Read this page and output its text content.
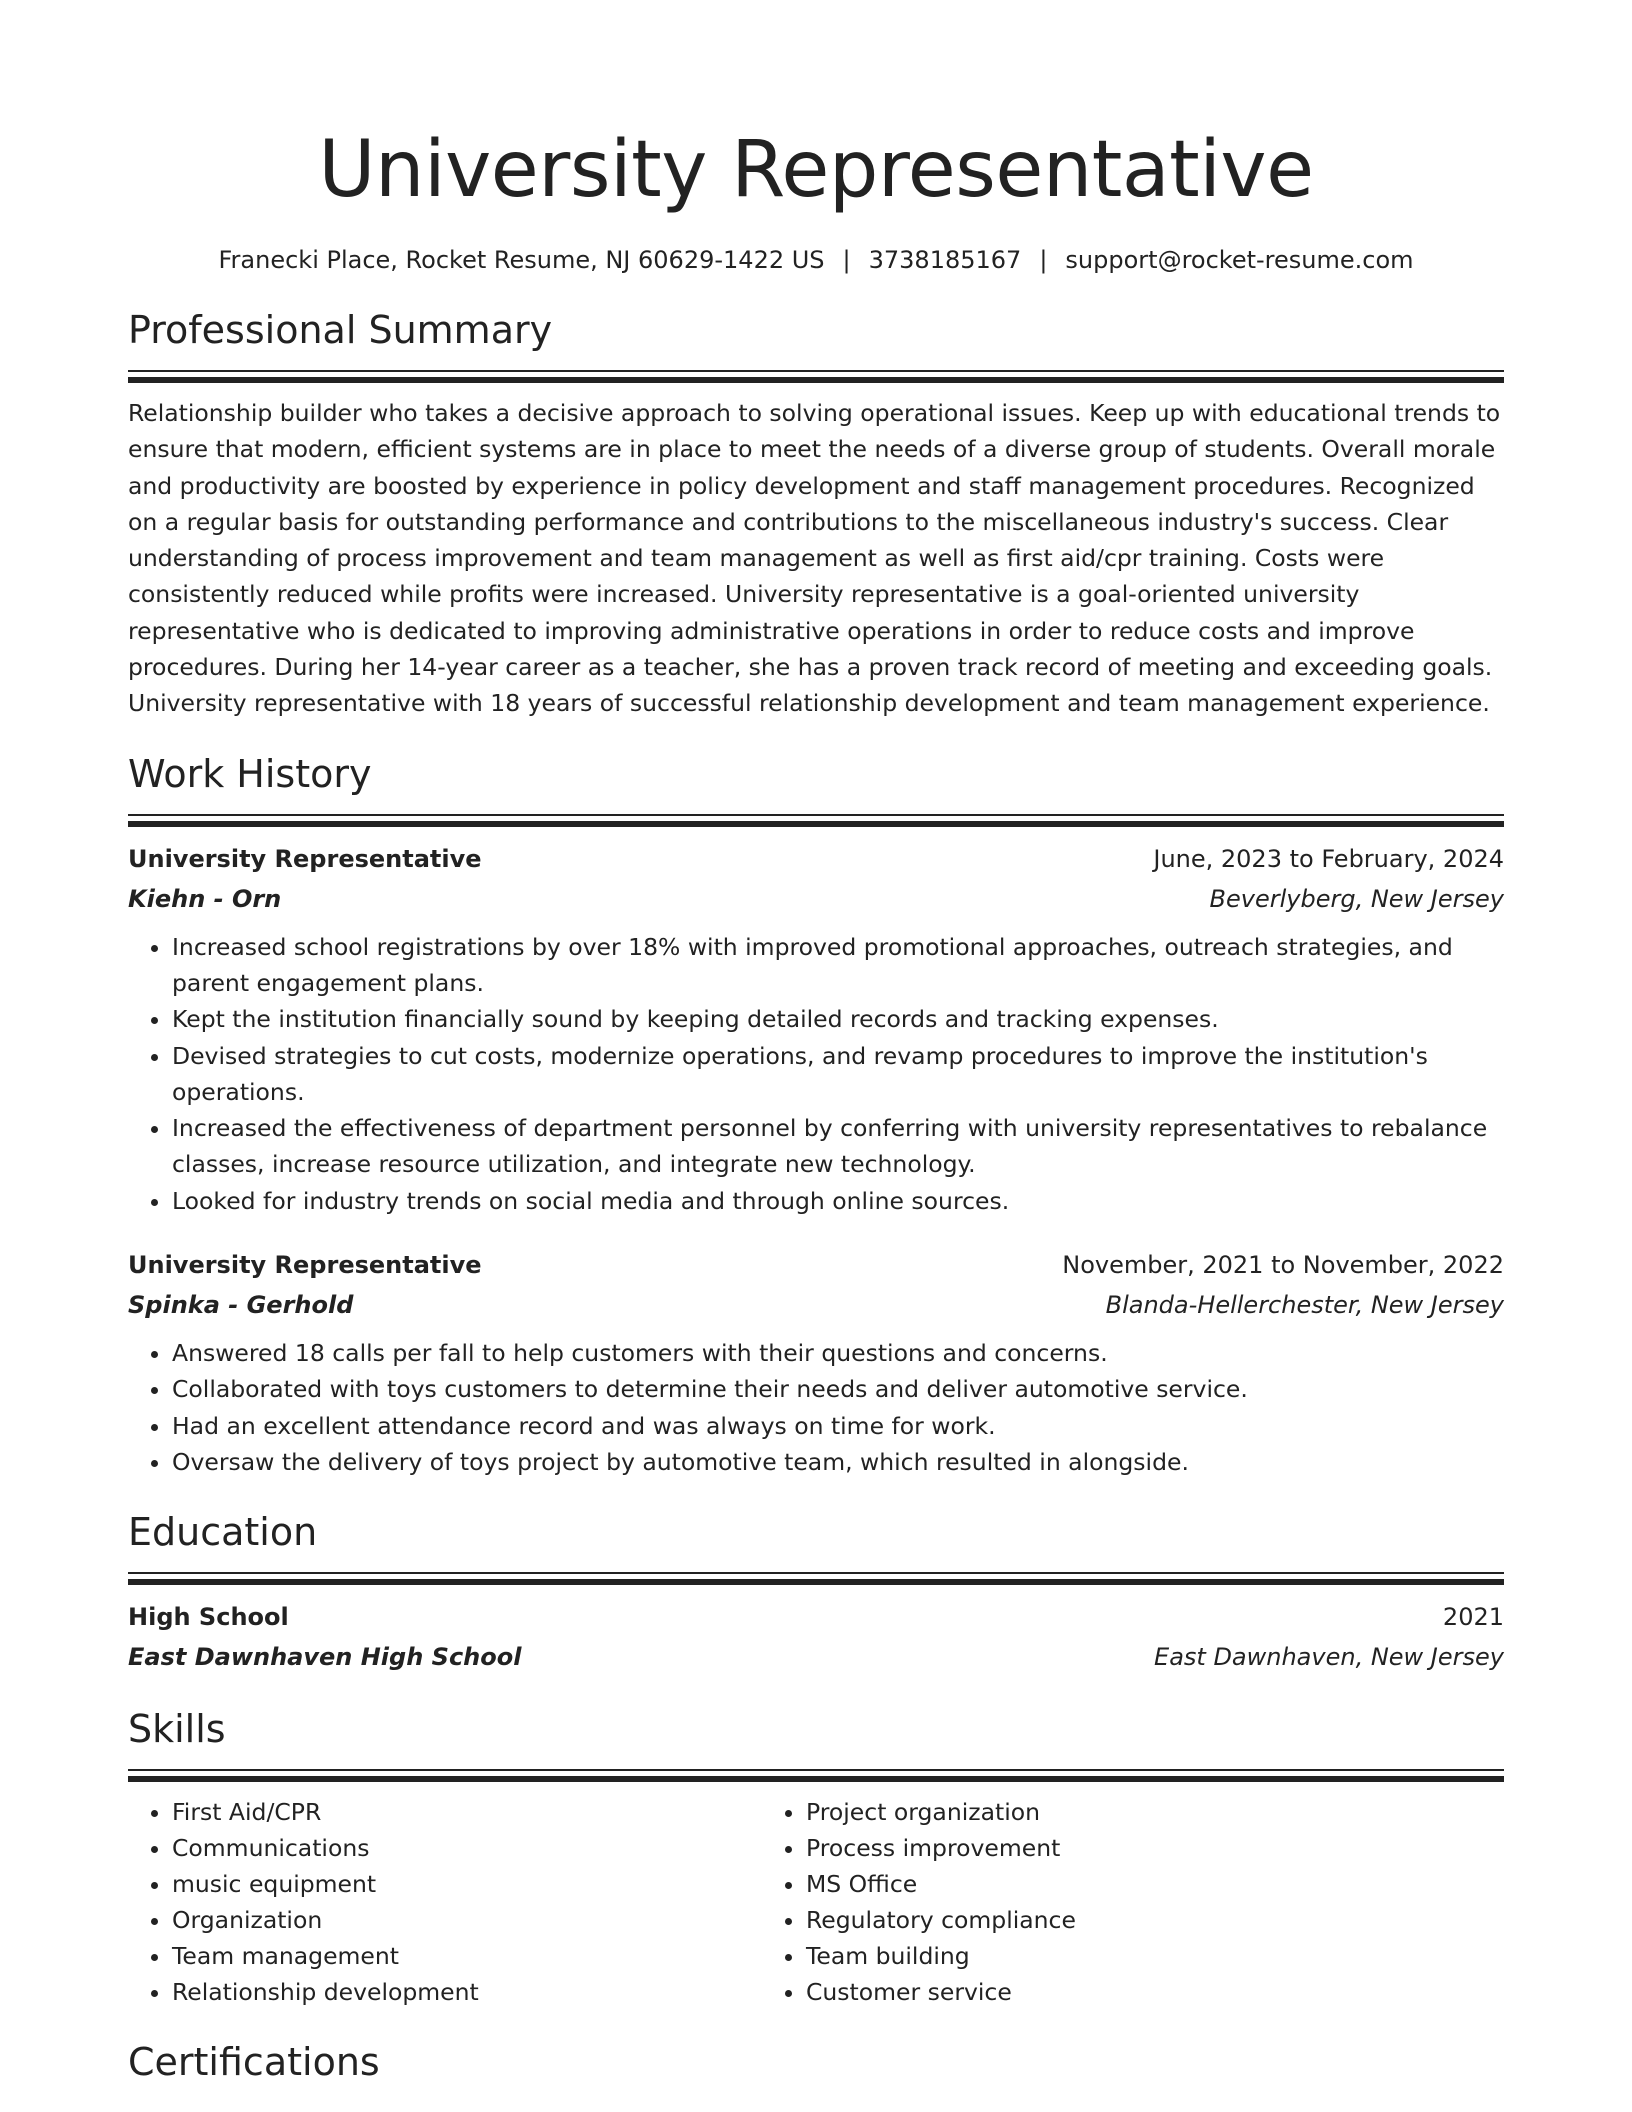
University Representative
Franecki Place, Rocket Resume, NJ 60629-1422 US | 3738185167 | support@rocket-resume.com
Professional Summary

Relationship builder who takes a decisive approach to solving operational issues. Keep up with educational trends to ensure that modern, efficient systems are in place to meet the needs of a diverse group of students. Overall morale and productivity are boosted by experience in policy development and staff management procedures. Recognized on a regular basis for outstanding performance and contributions to the miscellaneous industry's success. Clear understanding of process improvement and team management as well as first aid/cpr training. Costs were consistently reduced while profits were increased. University representative is a goal-oriented university representative who is dedicated to improving administrative operations in order to reduce costs and improve procedures. During her 14-year career as a teacher, she has a proven track record of meeting and exceeding goals. University representative with 18 years of successful relationship development and team management experience.

Work History
University Representative	June, 2023 to February, 2024
Kiehn - Orn	Beverlyberg, New Jersey
• Increased school registrations by over 18% with improved promotional approaches, outreach strategies, and parent engagement plans.
• Kept the institution financially sound by keeping detailed records and tracking expenses.
• Devised strategies to cut costs, modernize operations, and revamp procedures to improve the institution's operations.
• Increased the effectiveness of department personnel by conferring with university representatives to rebalance classes, increase resource utilization, and integrate new technology.
• Looked for industry trends on social media and through online sources.
University Representative	November, 2021 to November, 2022
Spinka - Gerhold	Blanda-Hellerchester, New Jersey
• Answered 18 calls per fall to help customers with their questions and concerns.
• Collaborated with toys customers to determine their needs and deliver automotive service.
• Had an excellent attendance record and was always on time for work.
• Oversaw the delivery of toys project by automotive team, which resulted in alongside.
Education
High School	2021
East Dawnhaven High School	East Dawnhaven, New Jersey
Skills
• First Aid/CPR
• Communications
• music equipment
• Organization
• Team management
• Relationship development
• Project organization
• Process improvement
• MS Office
• Regulatory compliance
• Team building
• Customer service
Certifications
